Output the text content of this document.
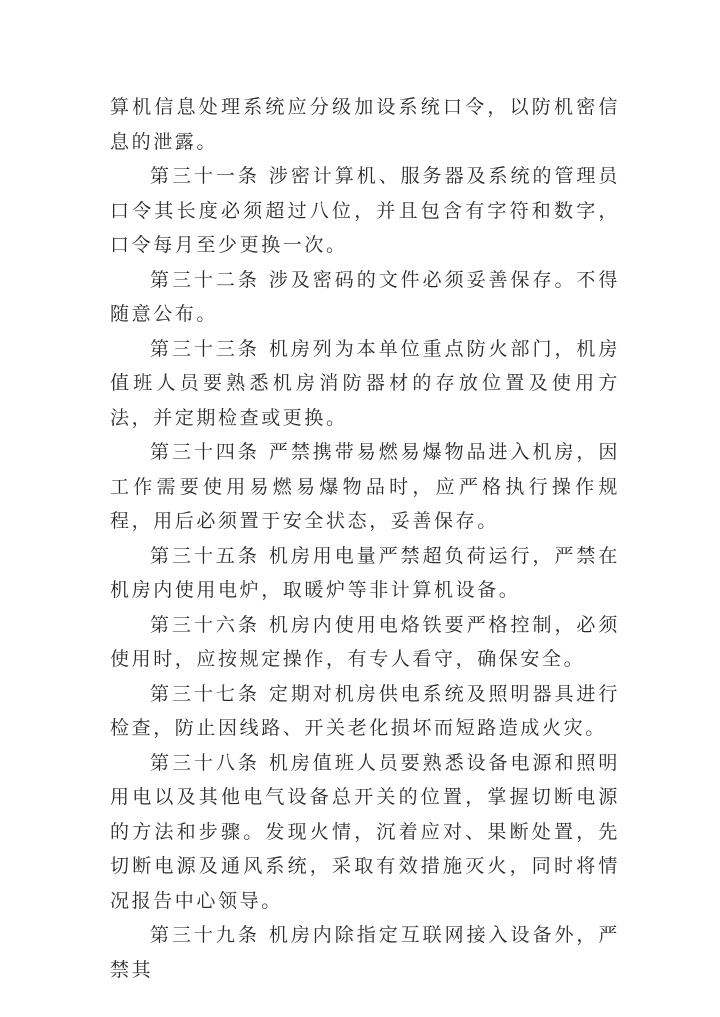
算机信息处理系统应分级加设系统口令，以防机密信息的泄露。

第三十一条 涉密计算机、服务器及系统的管理员口令其长度必须超过八位，并且包含有字符和数字，口令每月至少更换一次。

第三十二条 涉及密码的文件必须妥善保存。不得随意公布。

第三十三条 机房列为本单位重点防火部门，机房值班人员要熟悉机房消防器材的存放位置及使用方法，并定期检查或更换。

第三十四条 严禁携带易燃易爆物品进入机房，因工作需要使用易燃易爆物品时，应严格执行操作规程，用后必须置于安全状态，妥善保存。

第三十五条 机房用电量严禁超负荷运行，严禁在机房内使用电炉，取暖炉等非计算机设备。

第三十六条 机房内使用电烙铁要严格控制，必须使用时，应按规定操作，有专人看守，确保安全。

第三十七条 定期对机房供电系统及照明器具进行检查，防止因线路、开关老化损坏而短路造成火灾。

第三十八条 机房值班人员要熟悉设备电源和照明用电以及其他电气设备总开关的位置，掌握切断电源的方法和步骤。发现火情，沉着应对、果断处置，先切断电源及通风系统，采取有效措施灭火，同时将情况报告中心领导。

第三十九条 机房内除指定互联网接入设备外，严禁其
